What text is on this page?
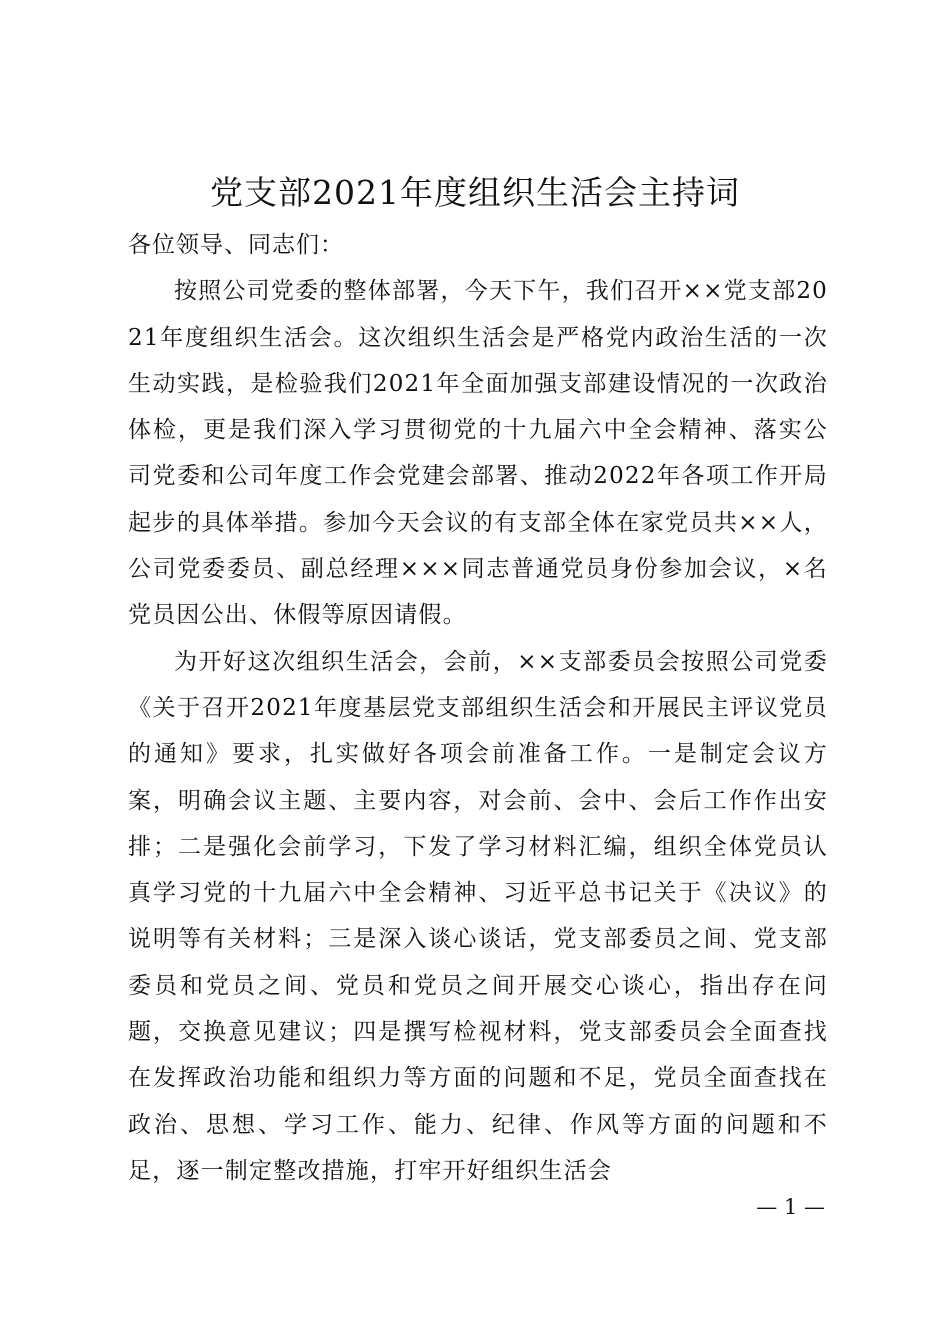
党支部2021年度组织生活会主持词

各位领导、同志们：

按照公司党委的整体部署，今天下午，我们召开××党支部2021年度组织生活会。这次组织生活会是严格党内政治生活的一次生动实践，是检验我们2021年全面加强支部建设情况的一次政治体检，更是我们深入学习贯彻党的十九届六中全会精神、落实公司党委和公司年度工作会党建会部署、推动2022年各项工作开局起步的具体举措。参加今天会议的有支部全体在家党员共××人，公司党委委员、副总经理×××同志普通党员身份参加会议，×名党员因公出、休假等原因请假。

为开好这次组织生活会，会前，××支部委员会按照公司党委《关于召开2021年度基层党支部组织生活会和开展民主评议党员的通知》要求，扎实做好各项会前准备工作。一是制定会议方案，明确会议主题、主要内容，对会前、会中、会后工作作出安排；二是强化会前学习，下发了学习材料汇编，组织全体党员认真学习党的十九届六中全会精神、习近平总书记关于《决议》的说明等有关材料；三是深入谈心谈话，党支部委员之间、党支部委员和党员之间、党员和党员之间开展交心谈心，指出存在问题，交换意见建议；四是撰写检视材料，党支部委员会全面查找在发挥政治功能和组织力等方面的问题和不足，党员全面查找在政治、思想、学习工作、能力、纪律、作风等方面的问题和不足，逐一制定整改措施，打牢开好组织生活会

— 1 —
